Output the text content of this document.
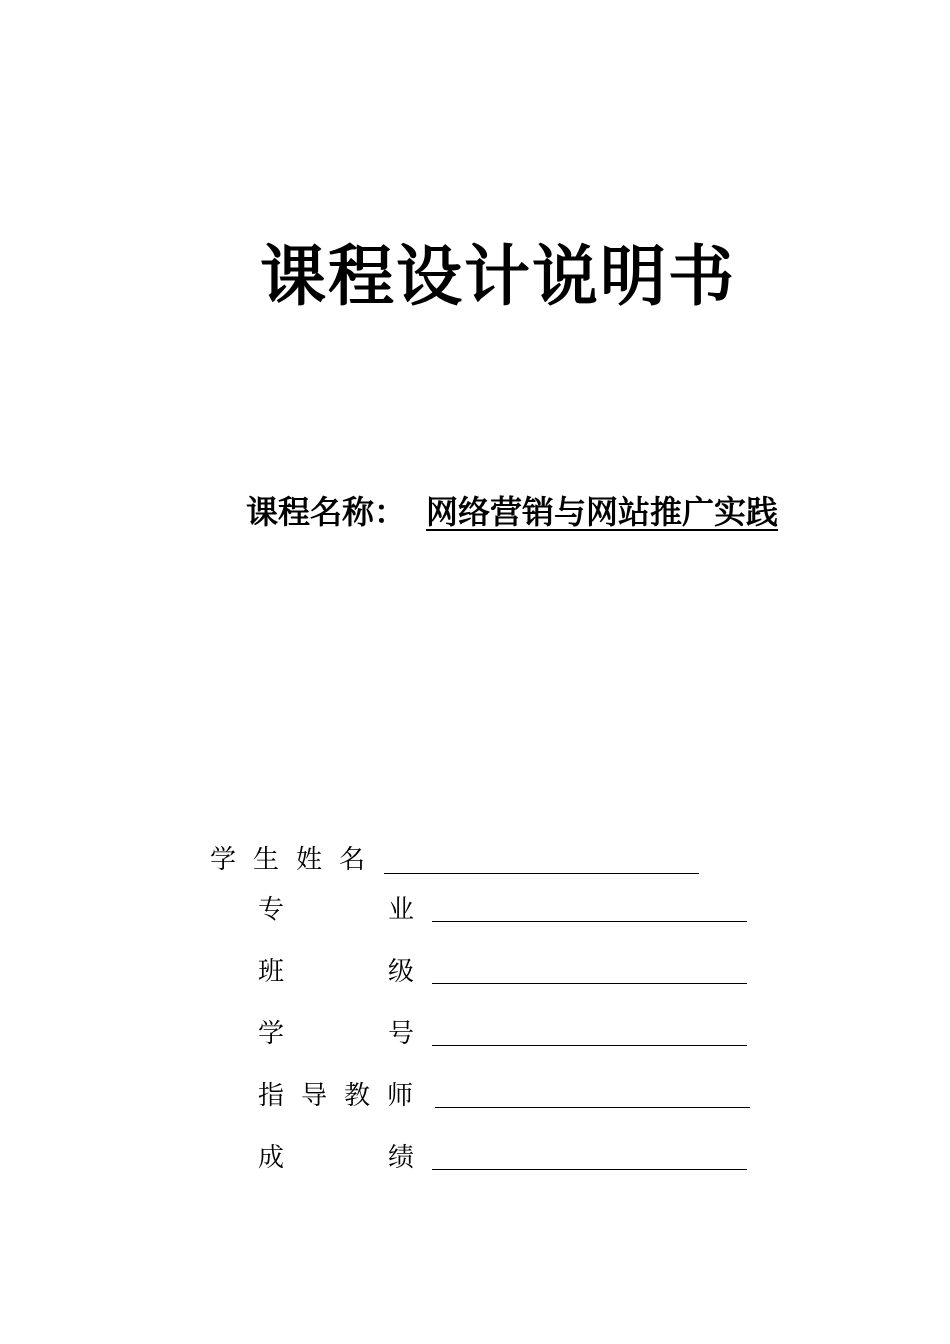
课程设计说明书
课程名称： 网络营销与网站推广实践
学 生 姓 名
专	业
班	级
学	号
指 导 教 师
成	绩
